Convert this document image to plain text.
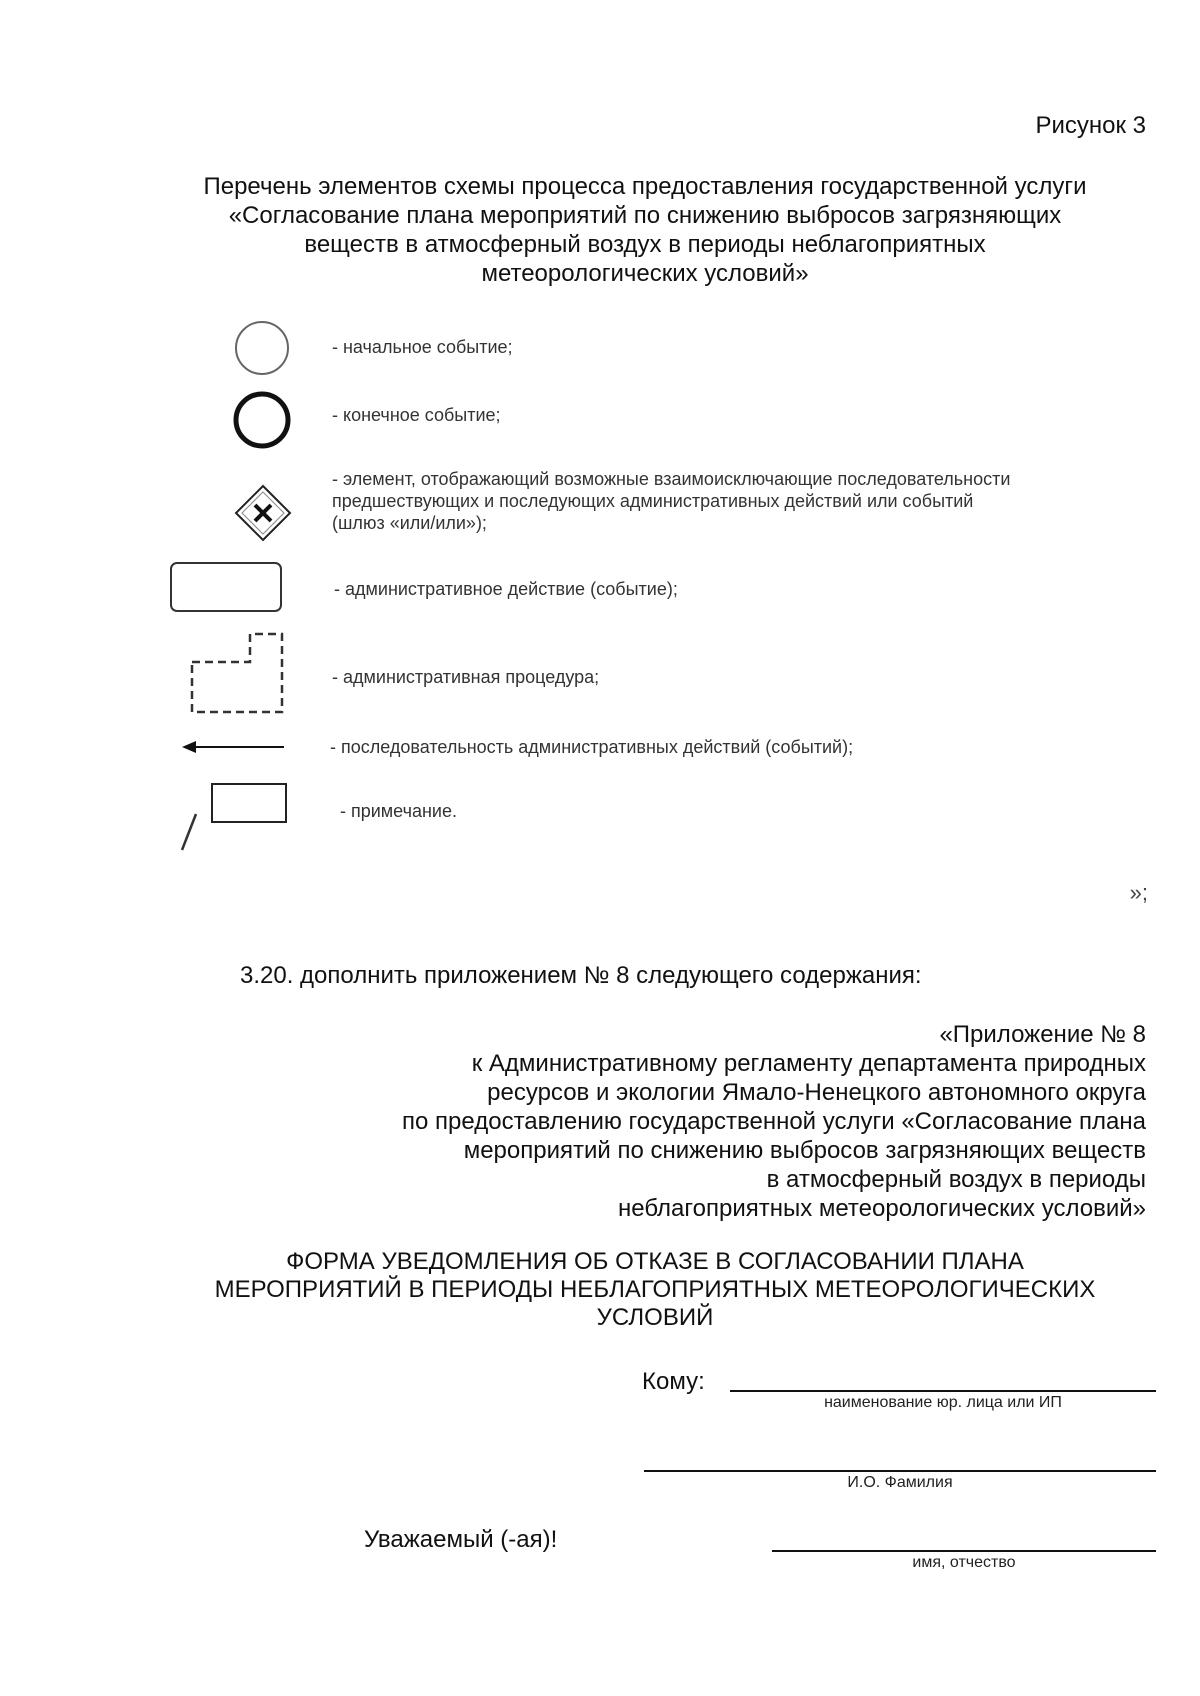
Рисунок 3
Перечень элементов схемы процесса предоставления государственной услуги
«Согласование плана мероприятий по снижению выбросов загрязняющих
веществ в атмосферный воздух в периоды неблагоприятных
метеорологических условий»
- начальное событие;
- конечное событие;
- элемент, отображающий возможные взаимоисключающие последовательности
предшествующих и последующих административных действий или событий
(шлюз «или/или»);
- административное действие (событие);
- административная процедура;
- последовательность административных действий (событий);
- примечание.
»;
3.20. дополнить приложением № 8 следующего содержания:
«Приложение № 8
к Административному регламенту департамента природных
ресурсов и экологии Ямало-Ненецкого автономного округа
по предоставлению государственной услуги «Согласование плана
мероприятий по снижению выбросов загрязняющих веществ
в атмосферный воздух в периоды
неблагоприятных метеорологических условий»
ФОРМА УВЕДОМЛЕНИЯ ОБ ОТКАЗЕ В СОГЛАСОВАНИИ ПЛАНА
МЕРОПРИЯТИЙ В ПЕРИОДЫ НЕБЛАГОПРИЯТНЫХ МЕТЕОРОЛОГИЧЕСКИХ
УСЛОВИЙ
Кому:
наименование юр. лица или ИП
И.О. Фамилия
Уважаемый (-ая)!
имя, отчество
